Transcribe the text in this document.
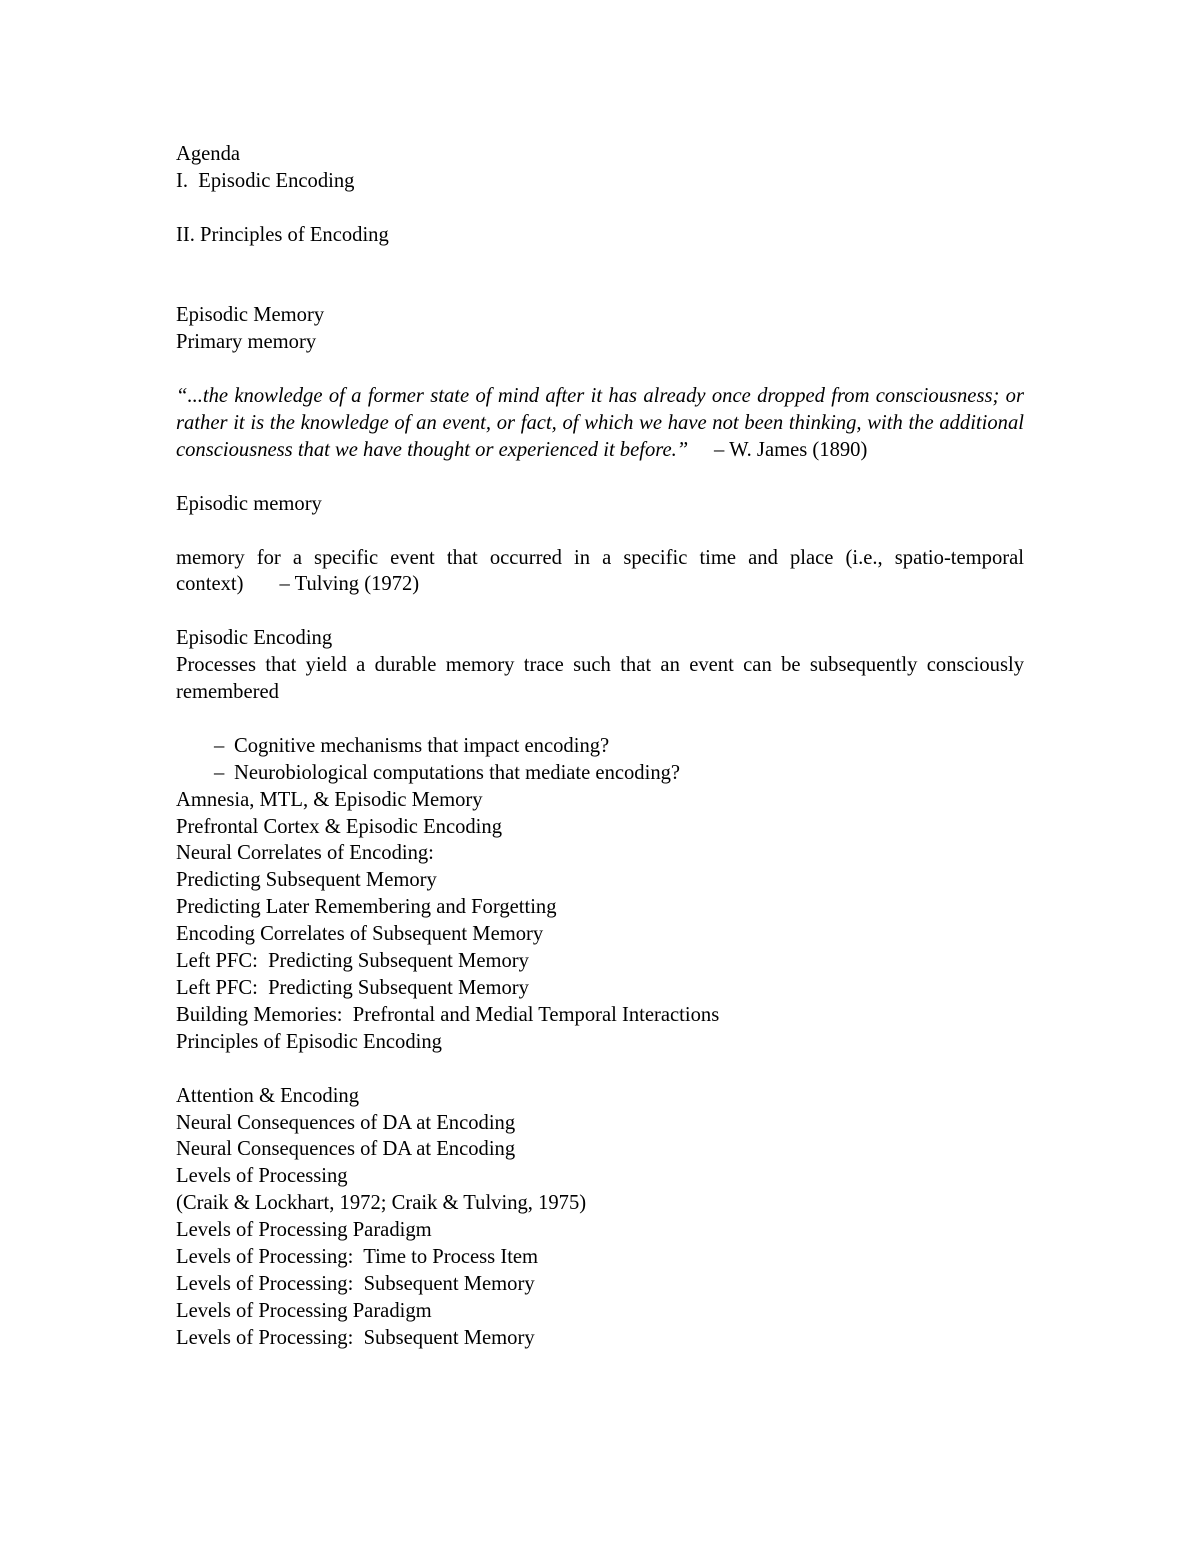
Agenda
I.  Episodic Encoding
II. Principles of Encoding
Episodic Memory
Primary memory
“...the knowledge of a former state of mind after it has already once dropped from consciousness; or rather it is the knowledge of an event, or fact, of which we have not been thinking, with the additional consciousness that we have thought or experienced it before.” – W. James (1890)
Episodic memory
memory for a specific event that occurred in a specific time and place (i.e., spatio-temporal context) – Tulving (1972)
Episodic Encoding
Processes that yield a durable memory trace such that an event can be subsequently consciously remembered
– Cognitive mechanisms that impact encoding?
– Neurobiological computations that mediate encoding?
Amnesia, MTL, & Episodic Memory
Prefrontal Cortex & Episodic Encoding
Neural Correlates of Encoding:
Predicting Subsequent Memory
Predicting Later Remembering and Forgetting
Encoding Correlates of Subsequent Memory
Left PFC:  Predicting Subsequent Memory
Left PFC:  Predicting Subsequent Memory
Building Memories:  Prefrontal and Medial Temporal Interactions
Principles of Episodic Encoding
Attention & Encoding
Neural Consequences of DA at Encoding
Neural Consequences of DA at Encoding
Levels of Processing
(Craik & Lockhart, 1972; Craik & Tulving, 1975)
Levels of Processing Paradigm
Levels of Processing:  Time to Process Item
Levels of Processing:  Subsequent Memory
Levels of Processing Paradigm
Levels of Processing:  Subsequent Memory
